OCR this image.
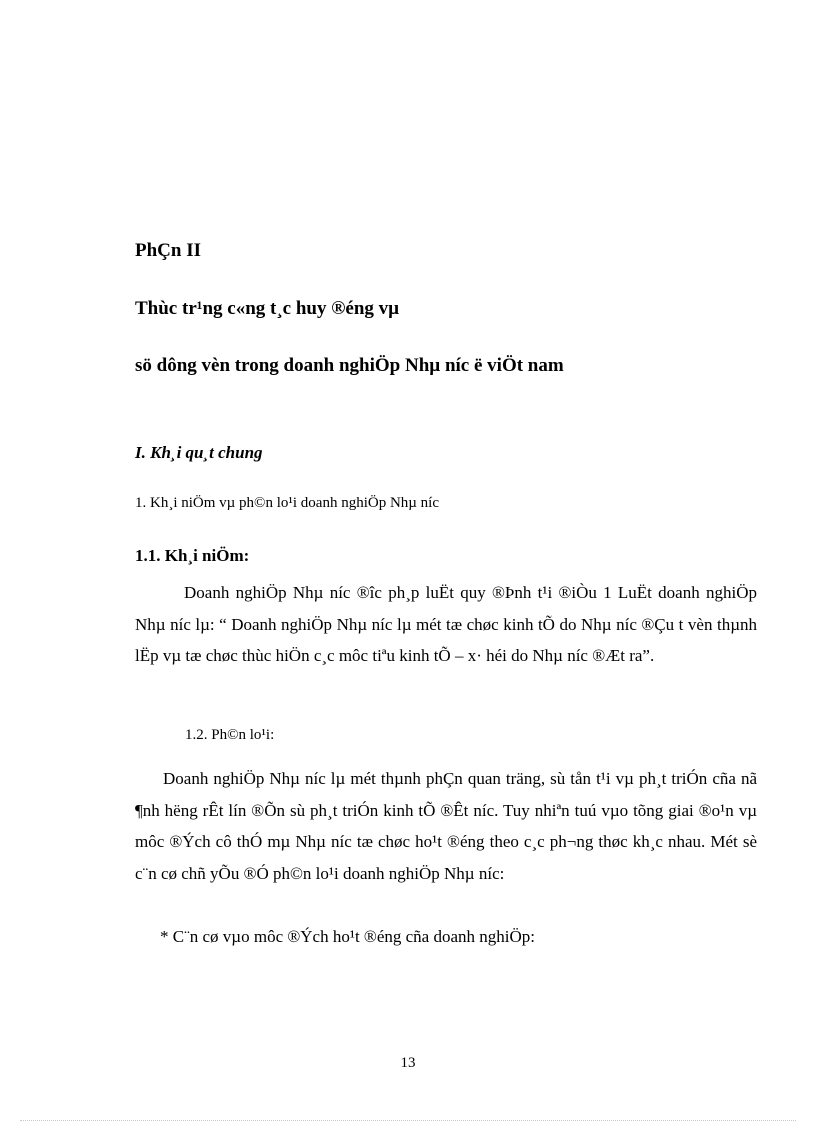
PhÇn II
Thùc tr¹ng c«ng t¸c huy ®éng vµ
sö dông vèn trong doanh nghiÖp Nhµ níc ë viÖt nam
I. Kh¸i qu¸t chung
1. Kh¸i niÖm vµ ph©n lo¹i doanh nghiÖp Nhµ níc
1.1. Kh¸i niÖm:

Doanh nghiÖp Nhµ níc ®îc ph¸p luËt quy ®Þnh t¹i ®iÒu 1 LuËt doanh nghiÖp Nhµ níc lµ: “ Doanh nghiÖp Nhµ níc lµ mét tæ chøc kinh tÕ do Nhµ níc ®Çu t vèn thµnh lËp vµ tæ chøc thùc hiÖn c¸c môc tiªu kinh tÕ – x· héi do Nhµ níc ®Æt ra”.

1.2. Ph©n lo¹i:

Doanh nghiÖp Nhµ níc lµ mét thµnh phÇn quan träng, sù tån t¹i vµ ph¸t triÓn cña nã ¶nh hëng rÊt lín ®Õn sù ph¸t triÓn kinh tÕ ®Êt níc. Tuy nhiªn tuú vµo tõng giai ®o¹n vµ môc ®Ých cô thÓ mµ Nhµ níc tæ chøc ho¹t ®éng theo c¸c ph¬ng thøc kh¸c nhau. Mét sè c¨n cø chñ yÕu ®Ó ph©n lo¹i doanh nghiÖp Nhµ níc:

* C¨n cø vµo môc ®Ých ho¹t ®éng cña doanh nghiÖp:
13
